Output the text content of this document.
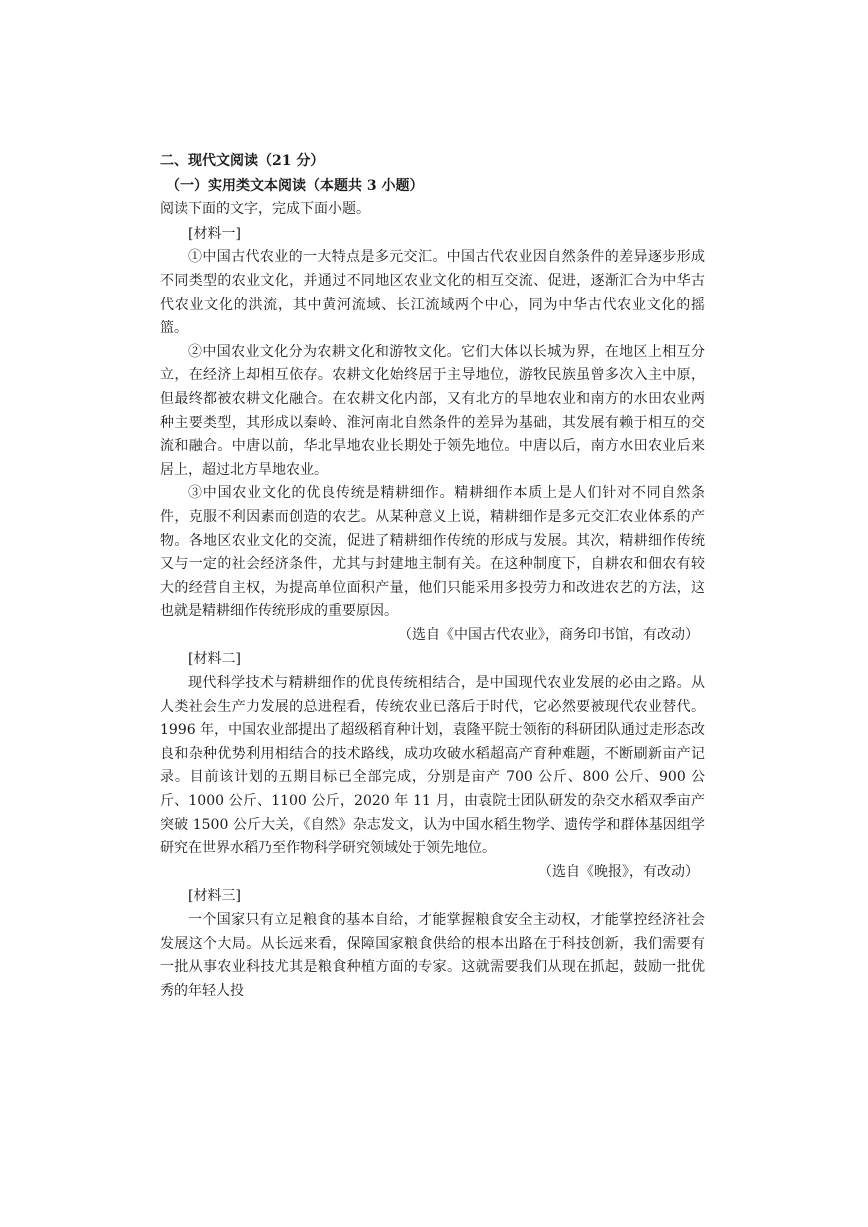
二、现代文阅读（21 分）
（一）实用类文本阅读（本题共 3 小题）
阅读下面的文字，完成下面小题。
[材料一]

①中国古代农业的一大特点是多元交汇。中国古代农业因自然条件的差异逐步形成不同类型的农业文化，并通过不同地区农业文化的相互交流、促进，逐渐汇合为中华古代农业文化的洪流，其中黄河流域、长江流域两个中心，同为中华古代农业文化的摇篮。

②中国农业文化分为农耕文化和游牧文化。它们大体以长城为界，在地区上相互分立，在经济上却相互依存。农耕文化始终居于主导地位，游牧民族虽曾多次入主中原，但最终都被农耕文化融合。在农耕文化内部，又有北方的旱地农业和南方的水田农业两种主要类型，其形成以秦岭、淮河南北自然条件的差异为基础，其发展有赖于相互的交流和融合。中唐以前，华北旱地农业长期处于领先地位。中唐以后，南方水田农业后来居上，超过北方旱地农业。

③中国农业文化的优良传统是精耕细作。精耕细作本质上是人们针对不同自然条件，克服不利因素而创造的农艺。从某种意义上说，精耕细作是多元交汇农业体系的产物。各地区农业文化的交流，促进了精耕细作传统的形成与发展。其次，精耕细作传统又与一定的社会经济条件，尤其与封建地主制有关。在这种制度下，自耕农和佃农有较大的经营自主权，为提高单位面积产量，他们只能采用多投劳力和改进农艺的方法，这也就是精耕细作传统形成的重要原因。

（选自《中国古代农业》，商务印书馆，有改动）
[材料二]

现代科学技术与精耕细作的优良传统相结合，是中国现代农业发展的必由之路。从人类社会生产力发展的总进程看，传统农业已落后于时代，它必然要被现代农业替代。1996 年，中国农业部提出了超级稻育种计划，袁隆平院士领衔的科研团队通过走形态改良和杂种优势利用相结合的技术路线，成功攻破水稻超高产育种难题，不断刷新亩产记录。目前该计划的五期目标已全部完成，分别是亩产 700 公斤、800 公斤、900 公斤、1000 公斤、1100 公斤，2020 年 11 月，由袁院士团队研发的杂交水稻双季亩产突破 1500 公斤大关，《自然》杂志发文，认为中国水稻生物学、遗传学和群体基因组学研究在世界水稻乃至作物科学研究领域处于领先地位。

（选自《晚报》，有改动）
[材料三]

一个国家只有立足粮食的基本自给，才能掌握粮食安全主动权，才能掌控经济社会发展这个大局。从长远来看，保障国家粮食供给的根本出路在于科技创新，我们需要有一批从事农业科技尤其是粮食种植方面的专家。这就需要我们从现在抓起，鼓励一批优秀的年轻人投
